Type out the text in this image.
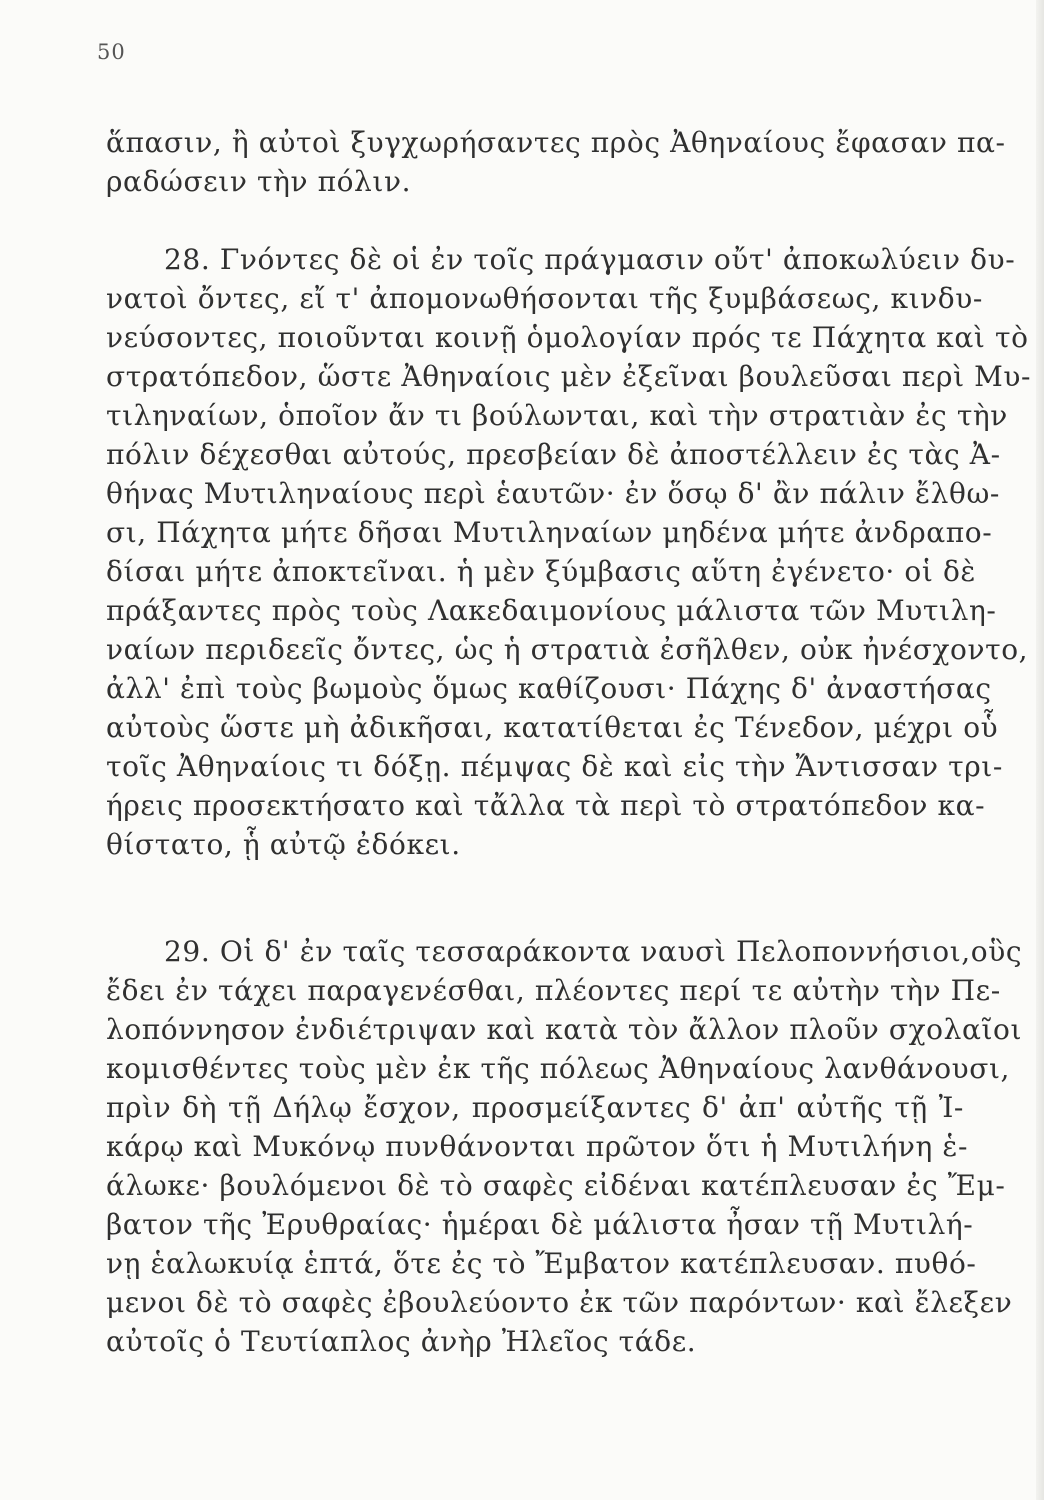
50
ἅπασιν, ἢ αὐτοὶ ξυγχωρήσαντες πρὸς Ἀθηναίους ἔφασαν πα-
ραδώσειν τὴν πόλιν.
28. Γνόντες δὲ οἱ ἐν τοῖς πράγμασιν οὔτ' ἀποκωλύειν δυ-
νατοὶ ὄντες, εἴ τ' ἀπομονωθήσονται τῆς ξυμβάσεως, κινδυ-
νεύσοντες, ποιοῦνται κοινῇ ὁμολογίαν πρός τε Πάχητα καὶ τὸ
στρατόπεδον, ὥστε Ἀθηναίοις μὲν ἐξεῖναι βουλεῦσαι περὶ Μυ-
τιληναίων, ὁποῖον ἄν τι βούλωνται, καὶ τὴν στρατιὰν ἐς τὴν
πόλιν δέχεσθαι αὐτούς, πρεσβείαν δὲ ἀποστέλλειν ἐς τὰς Ἀ-
θήνας Μυτιληναίους περὶ ἑαυτῶν· ἐν ὅσῳ δ' ἂν πάλιν ἔλθω-
σι, Πάχητα μήτε δῆσαι Μυτιληναίων μηδένα μήτε ἀνδραπο-
δίσαι μήτε ἀποκτεῖναι. ἡ μὲν ξύμβασις αὕτη ἐγένετο· οἱ δὲ
πράξαντες πρὸς τοὺς Λακεδαιμονίους μάλιστα τῶν Μυτιλη-
ναίων περιδεεῖς ὄντες, ὡς ἡ στρατιὰ ἐσῆλθεν, οὐκ ἠνέσχοντο,
ἀλλ' ἐπὶ τοὺς βωμοὺς ὅμως καθίζουσι· Πάχης δ' ἀναστήσας
αὐτοὺς ὥστε μὴ ἀδικῆσαι, κατατίθεται ἐς Τένεδον, μέχρι οὗ
τοῖς Ἀθηναίοις τι δόξῃ. πέμψας δὲ καὶ εἰς τὴν Ἄντισσαν τρι-
ήρεις προσεκτήσατο καὶ τἄλλα τὰ περὶ τὸ στρατόπεδον κα-
θίστατο, ᾗ αὐτῷ ἐδόκει.
29. Οἱ δ' ἐν ταῖς τεσσαράκοντα ναυσὶ Πελοποννήσιοι,οὓς
ἔδει ἐν τάχει παραγενέσθαι, πλέοντες περί τε αὐτὴν τὴν Πε-
λοπόννησον ἐνδιέτριψαν καὶ κατὰ τὸν ἄλλον πλοῦν σχολαῖοι
κομισθέντες τοὺς μὲν ἐκ τῆς πόλεως Ἀθηναίους λανθάνουσι,
πρὶν δὴ τῇ Δήλῳ ἔσχον, προσμείξαντες δ' ἀπ' αὐτῆς τῇ Ἰ-
κάρῳ καὶ Μυκόνῳ πυνθάνονται πρῶτον ὅτι ἡ Μυτιλήνη ἑ-
άλωκε· βουλόμενοι δὲ τὸ σαφὲς εἰδέναι κατέπλευσαν ἐς Ἔμ-
βατον τῆς Ἐρυθραίας· ἡμέραι δὲ μάλιστα ἦσαν τῇ Μυτιλή-
νῃ ἑαλωκυίᾳ ἑπτά, ὅτε ἐς τὸ Ἔμβατον κατέπλευσαν. πυθό-
μενοι δὲ τὸ σαφὲς ἐβουλεύοντο ἐκ τῶν παρόντων· καὶ ἔλεξεν
αὐτοῖς ὁ Τευτίαπλος ἀνὴρ Ἠλεῖος τάδε.
